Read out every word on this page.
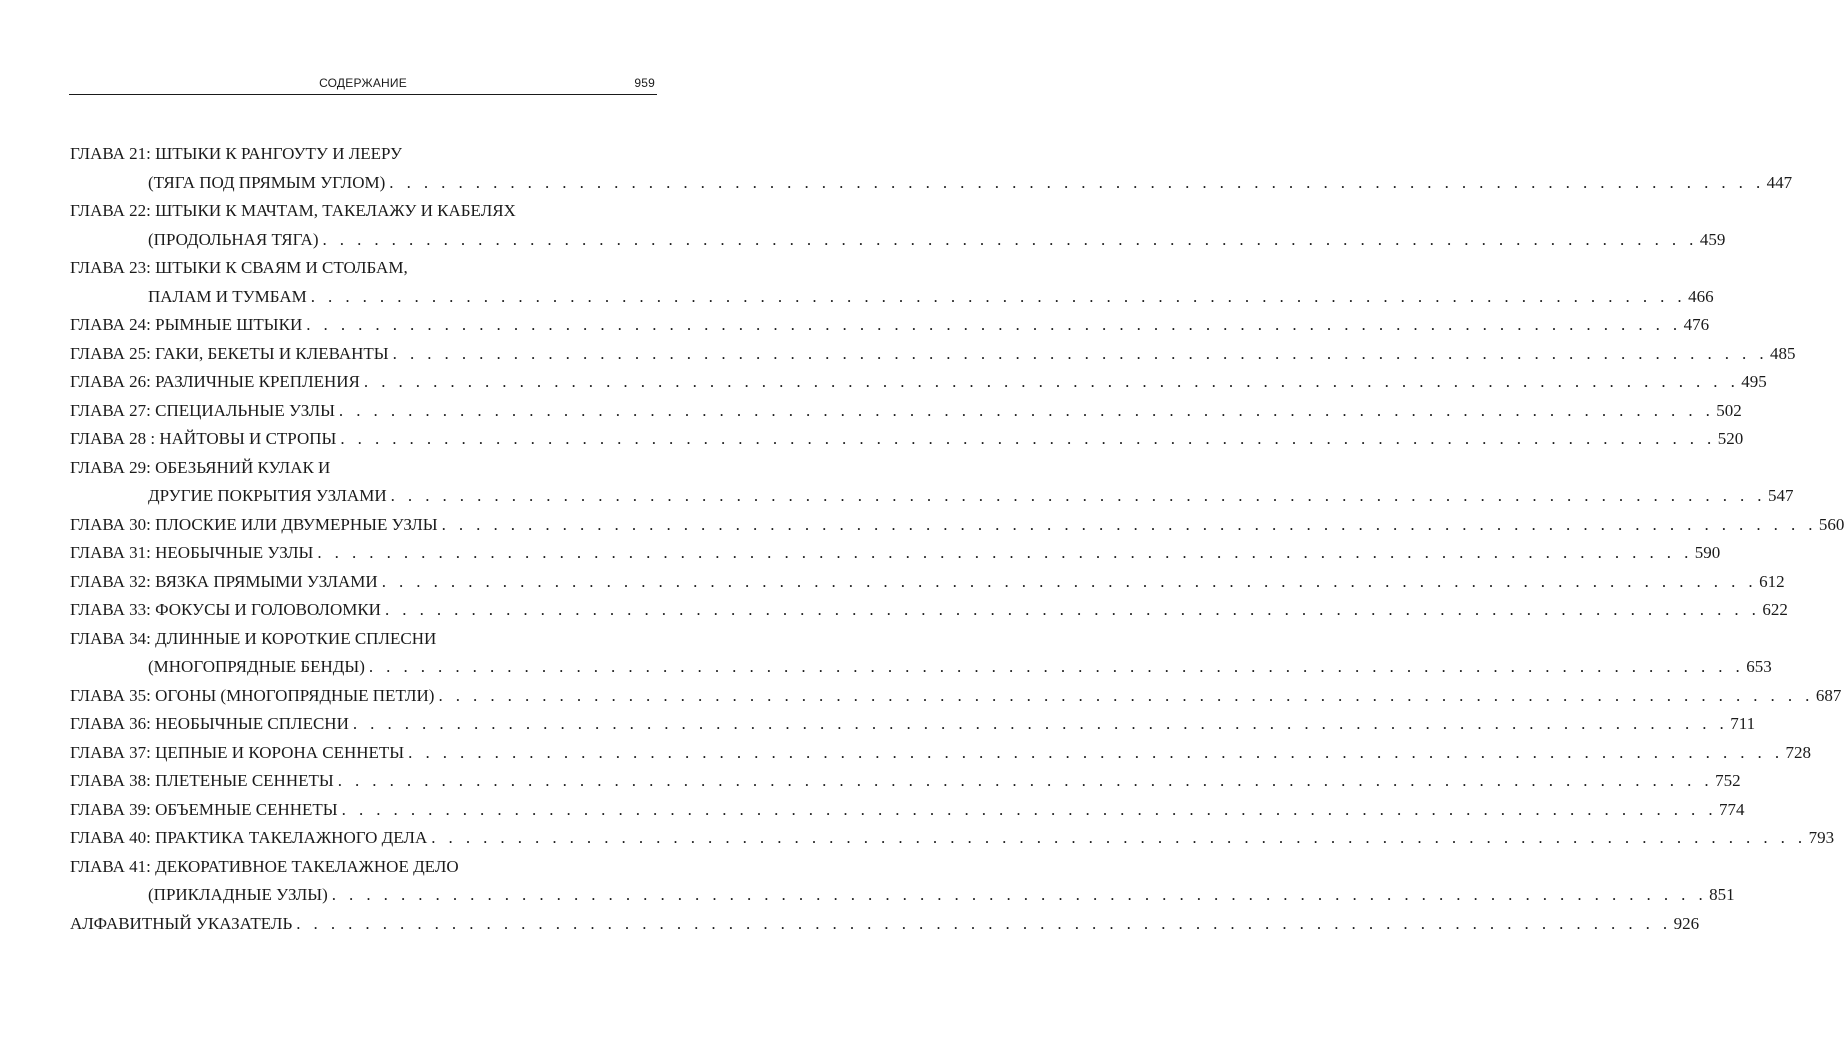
СОДЕРЖАНИЕ	959
ГЛАВА 21: ШТЫКИ К РАНГОУТУ И ЛЕЕРУ
(ТЯГА ПОД ПРЯМЫМ УГЛОМ) . . . . . . . . . . . . . . . . . . . . . . . . . . . . . . . . . . . . . . . . . . . . . . . . . . . . . . . . . . . . . . . . . . . . . . . . . . . . . . . . 447
ГЛАВА 22: ШТЫКИ К МАЧТАМ, ТАКЕЛАЖУ И КАБЕЛЯХ
(ПРОДОЛЬНАЯ ТЯГА) . . . . . . . . . . . . . . . . . . . . . . . . . . . . . . . . . . . . . . . . . . . . . . . . . . . . . . . . . . . . . . . . . . . . . . . . . . . . . . . . 459
ГЛАВА 23: ШТЫКИ К СВАЯМ И СТОЛБАМ,
ПАЛАМ И ТУМБАМ . . . . . . . . . . . . . . . . . . . . . . . . . . . . . . . . . . . . . . . . . . . . . . . . . . . . . . . . . . . . . . . . . . . . . . . . . . . . . . . . 466
ГЛАВА 24: РЫМНЫЕ ШТЫКИ . . . . . . . . . . . . . . . . . . . . . . . . . . . . . . . . . . . . . . . . . . . . . . . . . . . . . . . . . . . . . . . . . . . . . . . . . . . . . . . . 476
ГЛАВА 25: ГАКИ, БЕКЕТЫ И КЛЕВАНТЫ . . . . . . . . . . . . . . . . . . . . . . . . . . . . . . . . . . . . . . . . . . . . . . . . . . . . . . . . . . . . . . . . . . . . . . . . . . . . . . . . 485
ГЛАВА 26: РАЗЛИЧНЫЕ КРЕПЛЕНИЯ . . . . . . . . . . . . . . . . . . . . . . . . . . . . . . . . . . . . . . . . . . . . . . . . . . . . . . . . . . . . . . . . . . . . . . . . . . . . . . . . 495
ГЛАВА 27: СПЕЦИАЛЬНЫЕ УЗЛЫ . . . . . . . . . . . . . . . . . . . . . . . . . . . . . . . . . . . . . . . . . . . . . . . . . . . . . . . . . . . . . . . . . . . . . . . . . . . . . . . . 502
ГЛАВА 28 : НАЙТОВЫ И СТРОПЫ . . . . . . . . . . . . . . . . . . . . . . . . . . . . . . . . . . . . . . . . . . . . . . . . . . . . . . . . . . . . . . . . . . . . . . . . . . . . . . . . 520
ГЛАВА 29: ОБЕЗЬЯНИЙ КУЛАК И
ДРУГИЕ ПОКРЫТИЯ УЗЛАМИ . . . . . . . . . . . . . . . . . . . . . . . . . . . . . . . . . . . . . . . . . . . . . . . . . . . . . . . . . . . . . . . . . . . . . . . . . . . . . . . . 547
ГЛАВА 30: ПЛОСКИЕ ИЛИ ДВУМЕРНЫЕ УЗЛЫ . . . . . . . . . . . . . . . . . . . . . . . . . . . . . . . . . . . . . . . . . . . . . . . . . . . . . . . . . . . . . . . . . . . . . . . . . . . . . . . . 560
ГЛАВА 31: НЕОБЫЧНЫЕ УЗЛЫ . . . . . . . . . . . . . . . . . . . . . . . . . . . . . . . . . . . . . . . . . . . . . . . . . . . . . . . . . . . . . . . . . . . . . . . . . . . . . . . . 590
ГЛАВА 32: ВЯЗКА ПРЯМЫМИ УЗЛАМИ . . . . . . . . . . . . . . . . . . . . . . . . . . . . . . . . . . . . . . . . . . . . . . . . . . . . . . . . . . . . . . . . . . . . . . . . . . . . . . . . 612
ГЛАВА 33: ФОКУСЫ И ГОЛОВОЛОМКИ . . . . . . . . . . . . . . . . . . . . . . . . . . . . . . . . . . . . . . . . . . . . . . . . . . . . . . . . . . . . . . . . . . . . . . . . . . . . . . . . 622
ГЛАВА 34: ДЛИННЫЕ И КОРОТКИЕ СПЛЕСНИ
(МНОГОПРЯДНЫЕ БЕНДЫ) . . . . . . . . . . . . . . . . . . . . . . . . . . . . . . . . . . . . . . . . . . . . . . . . . . . . . . . . . . . . . . . . . . . . . . . . . . . . . . . . 653
ГЛАВА 35: ОГОНЫ (МНОГОПРЯДНЫЕ ПЕТЛИ) . . . . . . . . . . . . . . . . . . . . . . . . . . . . . . . . . . . . . . . . . . . . . . . . . . . . . . . . . . . . . . . . . . . . . . . . . . . . . . . . 687
ГЛАВА 36: НЕОБЫЧНЫЕ СПЛЕСНИ . . . . . . . . . . . . . . . . . . . . . . . . . . . . . . . . . . . . . . . . . . . . . . . . . . . . . . . . . . . . . . . . . . . . . . . . . . . . . . . . 711
ГЛАВА 37: ЦЕПНЫЕ И КОРОНА СЕННЕТЫ . . . . . . . . . . . . . . . . . . . . . . . . . . . . . . . . . . . . . . . . . . . . . . . . . . . . . . . . . . . . . . . . . . . . . . . . . . . . . . . . 728
ГЛАВА 38: ПЛЕТЕНЫЕ СЕННЕТЫ . . . . . . . . . . . . . . . . . . . . . . . . . . . . . . . . . . . . . . . . . . . . . . . . . . . . . . . . . . . . . . . . . . . . . . . . . . . . . . . . 752
ГЛАВА 39: ОБЪЕМНЫЕ СЕННЕТЫ . . . . . . . . . . . . . . . . . . . . . . . . . . . . . . . . . . . . . . . . . . . . . . . . . . . . . . . . . . . . . . . . . . . . . . . . . . . . . . . . 774
ГЛАВА 40: ПРАКТИКА ТАКЕЛАЖНОГО ДЕЛА . . . . . . . . . . . . . . . . . . . . . . . . . . . . . . . . . . . . . . . . . . . . . . . . . . . . . . . . . . . . . . . . . . . . . . . . . . . . . . . . 793
ГЛАВА 41: ДЕКОРАТИВНОЕ ТАКЕЛАЖНОЕ ДЕЛО
(ПРИКЛАДНЫЕ УЗЛЫ) . . . . . . . . . . . . . . . . . . . . . . . . . . . . . . . . . . . . . . . . . . . . . . . . . . . . . . . . . . . . . . . . . . . . . . . . . . . . . . . . 851
АЛФАВИТНЫЙ УКАЗАТЕЛЬ . . . . . . . . . . . . . . . . . . . . . . . . . . . . . . . . . . . . . . . . . . . . . . . . . . . . . . . . . . . . . . . . . . . . . . . . . . . . . . . . 926
